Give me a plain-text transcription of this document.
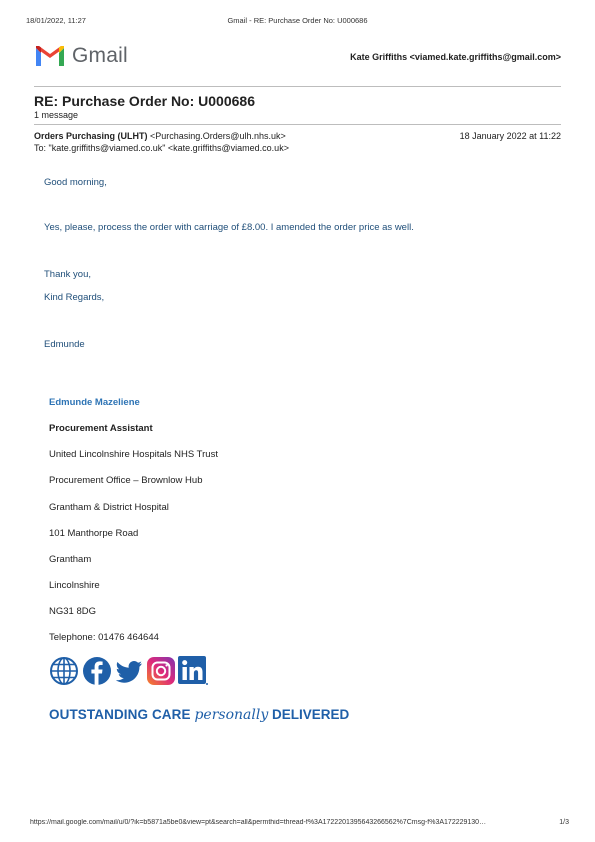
18/01/2022, 11:27	Gmail - RE: Purchase Order No: U000686
Gmail	Kate Griffiths <viamed.kate.griffiths@gmail.com>
RE: Purchase Order No: U000686
1 message
Orders Purchasing (ULHT) <Purchasing.Orders@ulh.nhs.uk>	18 January 2022 at 11:22
To: "kate.griffiths@viamed.co.uk" <kate.griffiths@viamed.co.uk>
Good morning,
Yes, please, process the order with carriage of £8.00. I amended the order price as well.
Thank you,
Kind Regards,
Edmunde
Edmunde Mazeliene
Procurement Assistant
United Lincolnshire Hospitals NHS Trust
Procurement Office – Brownlow Hub
Grantham & District Hospital
101 Manthorpe Road
Grantham
Lincolnshire
NG31 8DG
Telephone: 01476 464644
OUTSTANDING CARE personally DELIVERED
https://mail.google.com/mail/u/0/?ik=b5871a5be0&view=pt&search=all&permthid=thread-f%3A1722201395643266562%7Cmsg-f%3A172229130…	1/3
